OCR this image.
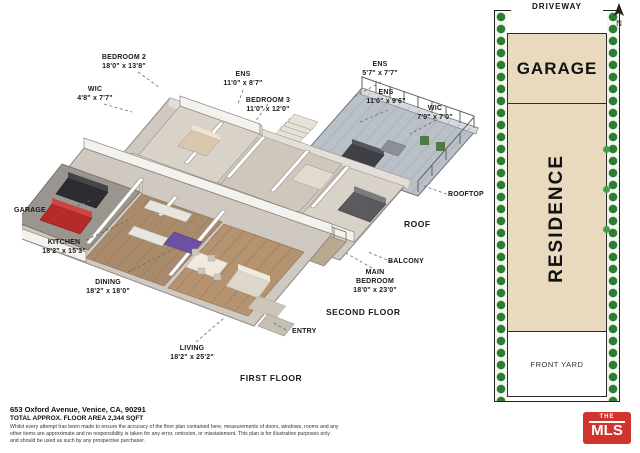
BEDROOM 2
18'0" x 13'8"
WIC
4'8" x 7'7"
ENS
11'0" x 8'7"
BEDROOM 3
11'0" x 12'0"
ENS
5'7" x 7'7"
ENS
11'0" x 9'6"
WIC
7'0" x 7'0"
GARAGE
KITCHEN
18'2" x 15'3"
DINING
18'2" x 18'0"
LIVING
18'2" x 25'2"
MAIN
BEDROOM
18'0" x 23'0"
ROOFTOP
BALCONY
ENTRY
ROOF
SECOND FLOOR
FIRST FLOOR
GARAGE
RESIDENCE
FRONT YARD
DRIVEWAY
N
653 Oxford Avenue, Venice, CA, 90291
TOTAL APPROX. FLOOR AREA 2,344 SQFT
Whilst every attempt has been made to ensure the accuracy of the floor plan contained here, measurements of doors, windows, rooms and any other items are approximate and no responsibility is taken for any error, omission, or misstatement. This plan is for illustrative purposes only and should be used as such by any prospective purchaser.
THE
MLS
